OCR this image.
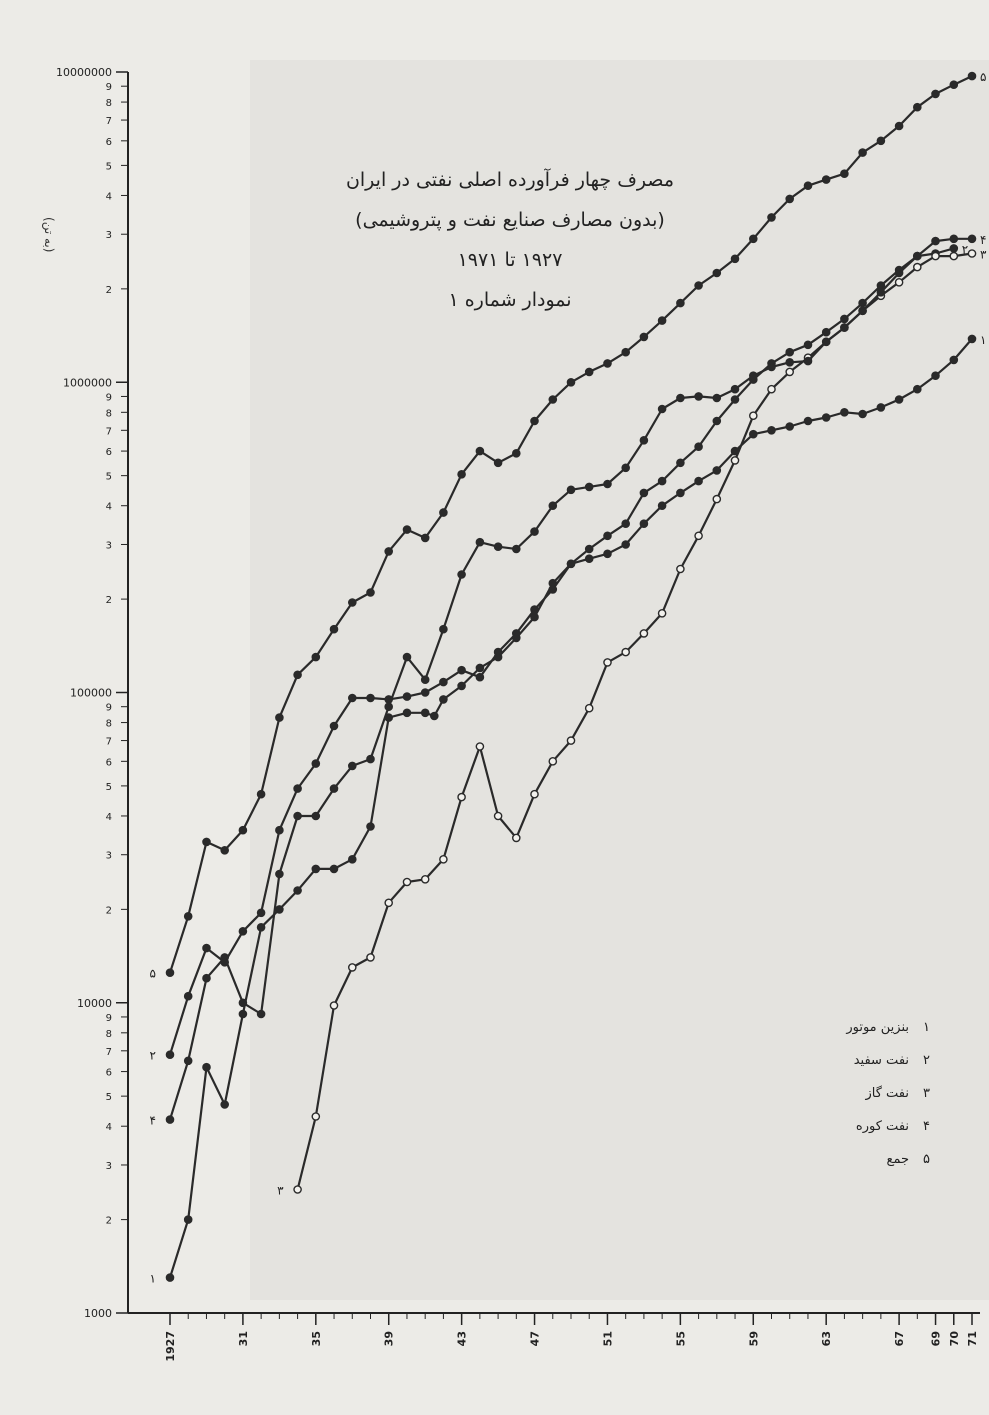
1000
2
3
4
5
6
7
8
9
10000
2
3
4
5
6
7
8
9
100000
2
3
4
5
6
7
8
9
1000000
2
3
4
5
6
7
8
9
10000000
1927	31	35	39	43	47	51	55	59	63	67 69 70 71
۱
۱
۲
۲
۳
۳
۴
۴
۵
۵
(به تن)
مصرف چهار فرآورده اصلی نفتی در ایران
(بدون مصارف صنایع نفت و پتروشیمی)
۱۹۲۷ تا ۱۹۷۱
نمودار شماره ۱
۱
بنزین موتور
۲
نفت سفید
۳
نفت گاز
۴
نفت کوره
۵
جمع
